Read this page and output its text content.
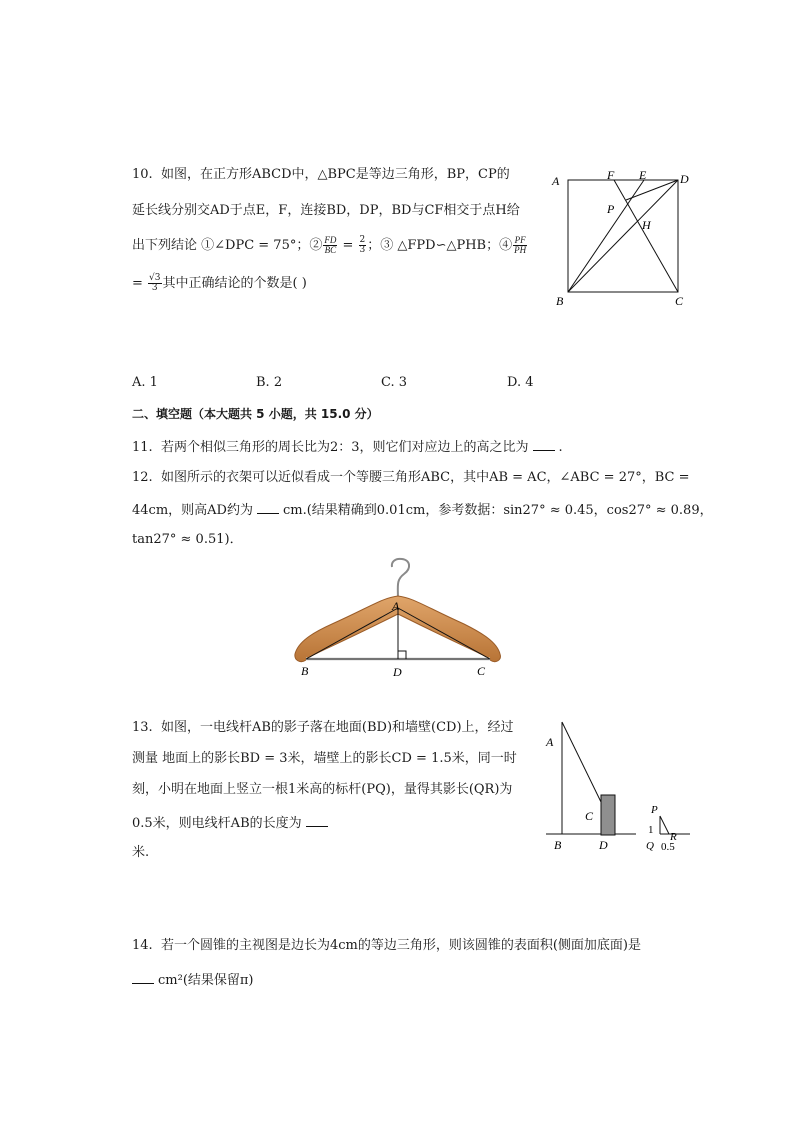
10. 如图，在正方形ABCD中，△BPC是等边三角形，BP，CP的
延长线分别交AD于点E，F，连接BD，DP，BD与CF相交于点H给
出下列结论 ①∠DPC = 75°；② $\frac{FD}{BC} = \frac{2}{3}$ ；③ △FPD∽△PHB；④ $\frac{PF}{PH}$
= $\frac{√3}{3}$ 其中正确结论的个数是( )
A	F E	D
P
H
B	C
A. 1	B. 2	C. 3	D. 4
二、填空题（本大题共 5 小题，共 15.0 分）
11. 若两个相似三角形的周长比为2：3，则它们对应边上的高之比为 .
12. 如图所示的衣架可以近似看成一个等腰三角形ABC，其中AB = AC，∠ABC = 27°，BC =
44cm，则高AD约为 cm.(结果精确到0.01cm，参考数据：sin27° ≈ 0.45，cos27° ≈ 0.89，
tan27° ≈ 0.51)．
A
B	D	C
13. 如图，一电线杆AB的影子落在地面(BD)和墙壁(CD)上，经过
测量 地面上的影长BD = 3米，墙壁上的影长CD = 1.5米，同一时
刻，小明在地面上竖立一根1米高的标杆(PQ)，量得其影长(QR)为
0.5米，则电线杆AB的长度为
米.
A
C
B	D
P
1
R
Q 0.5
14. 若一个圆锥的主视图是边长为4cm的等边三角形，则该圆锥的表面积(侧面加底面)是
cm²(结果保留π)
